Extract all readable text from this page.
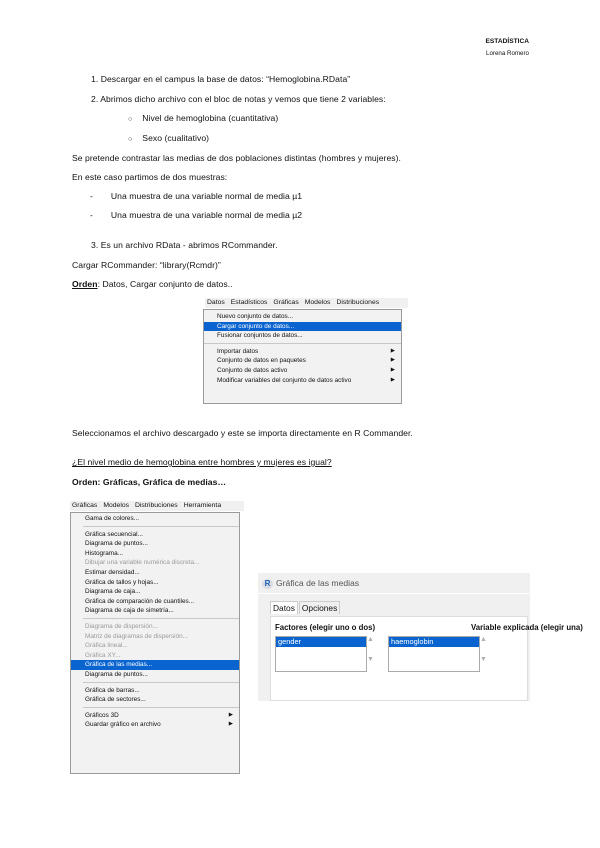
ESTADÍSTICA
Lorena Romero
1. Descargar en el campus la base de datos: “Hemoglobina.RData”
2. Abrimos dicho archivo con el bloc de notas y vemos que tiene 2 variables:
○ Nivel de hemoglobina (cuantitativa)
○ Sexo (cualitativo)
Se pretende contrastar las medias de dos poblaciones distintas (hombres y mujeres).
En este caso partimos de dos muestras:
- Una muestra de una variable normal de media µ1
- Una muestra de una variable normal de media µ2
3. Es un archivo RData - abrimos RCommander.
Cargar RCommander: “library(Rcmdr)”
Orden: Datos, Cargar conjunto de datos..
Datos Estadísticos Gráficas Modelos Distribuciones
Nuevo conjunto de datos...
Cargar conjunto de datos...
Fusionar conjuntos de datos...
Importar datos	▶
Conjunto de datos en paquetes	▶
Conjunto de datos activo	▶
Modificar variables del conjunto de datos activo	▶
Seleccionamos el archivo descargado y este se importa directamente en R Commander.
¿El nivel medio de hemoglobina entre hombres y mujeres es igual?
Orden: Gráficas, Gráfica de medias…
Gráficas Modelos Distribuciones Herramienta
Gama de colores...
Gráfica secuencial...
Diagrama de puntos...
Histograma...
Dibujar una variable numérica discreta...
Estimar densidad...
Gráfica de tallos y hojas...
Diagrama de caja...
Gráfica de comparación de cuantiles...
Diagrama de caja de simetría...
Diagrama de dispersión...
Matriz de diagramas de dispersión...
Gráfica lineal...
Gráfica XY...
Gráfica de las medias...
Diagrama de puntos...
Gráfica de barras...
Gráfica de sectores...
Gráficos 3D	▶
Guardar gráfico en archivo	▶
R Gráfica de las medias
Datos Opciones
Factores (elegir uno o dos)	Variable explicada (elegir una)
gender	▲
▼
haemoglobin	▲
▼
